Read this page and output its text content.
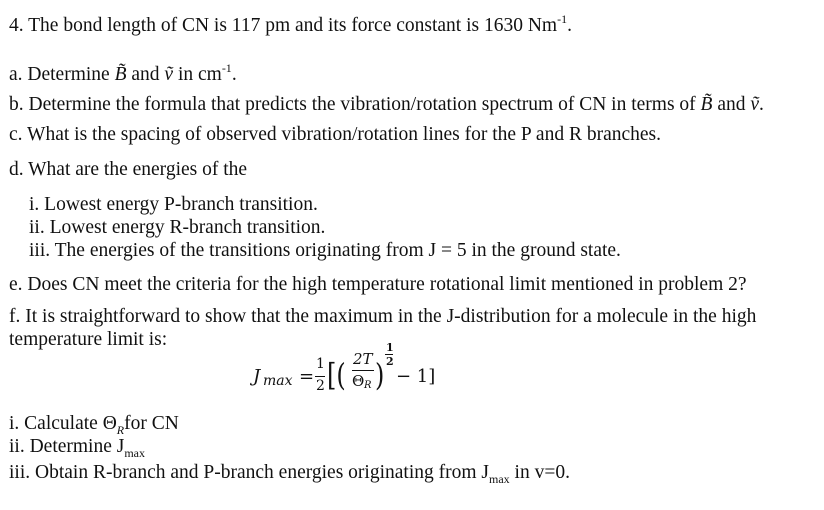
4. The bond length of CN is 117 pm and its force constant is 1630 $Nm^{-1}$.
a. Determine B̃ and ṽ in $cm^{-1}$.
b. Determine the formula that predicts the vibration/rotation spectrum of CN in terms of B̃ and ṽ.
c. What is the spacing of observed vibration/rotation lines for the P and R branches.
d. What are the energies of the
i. Lowest energy P-branch transition.
ii. Lowest energy R-branch transition.
iii. The energies of the transitions originating from J = 5 in the ground state.
e. Does CN meet the criteria for the high temperature rotational limit mentioned in problem 2?
f. It is straightforward to show that the maximum in the J-distribution for a molecule in the high
temperature limit is:
J max =
1
2 [( 2T
Θ R )
1
2
− 1]
i. Calculate $\Theta_Rfor$ CN
ii. Determine $J_{max}$
iii. Obtain R-branch and P-branch energies originating from $J_{max}$ in v=0.
